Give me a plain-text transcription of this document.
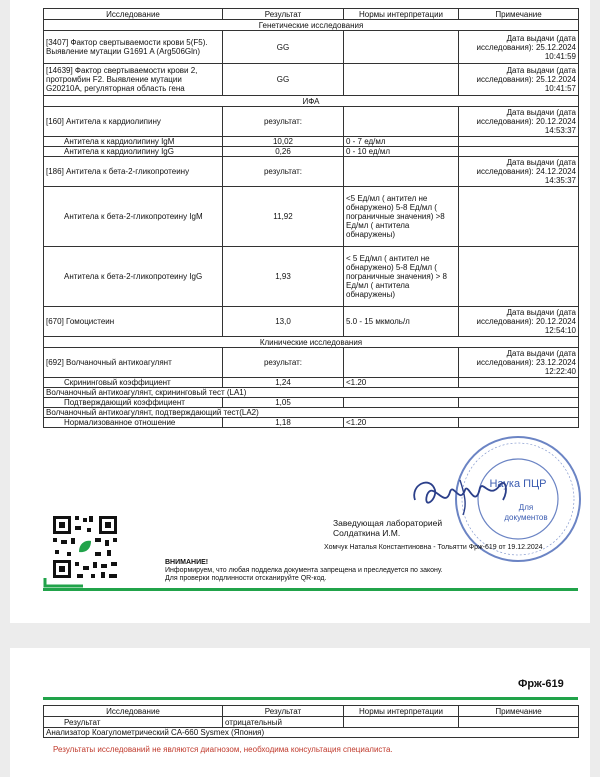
Исследование	Результат	Нормы интерпретации	Примечание
Генетические исследования			
[3407] Фактор свертываемости крови 5(F5). Выявление мутации G1691 A (Arg506Gln)	GG		Дата выдачи (дата исследования): 25.12.2024 10:41:59
[14639] Фактор свертываемости крови 2, протромбин F2. Выявление мутации G20210A, регуляторная область гена	GG		Дата выдачи (дата исследования): 25.12.2024 10:41:57
ИФА			
[160] Антитела к кардиолипину	результат:		Дата выдачи (дата исследования): 20.12.2024 14:53:37
Антитела к кардиолипину IgM	10,02	0 - 7 ед/мл	
Антитела к кардиолипину IgG	0,26	0 - 10 ед/мл	
[186] Антитела к бета-2-гликопротеину	результат:		Дата выдачи (дата исследования): 24.12.2024 14:35:37
Антитела к бета-2-гликопротеину IgM	11,92	<5 Ед/мл ( антител не обнаружено) 5-8 Ед/мл ( пограничные значения) >8 Ед/мл ( антитела обнаружены)	
Антитела к бета-2-гликопротеину IgG	1,93	< 5 Ед/мл ( антител не обнаружено) 5-8 Ед/мл ( пограничные значения) > 8 Ед/мл ( антитела обнаружены)	
[670] Гомоцистеин	13,0	5.0 - 15 мкмоль/л	Дата выдачи (дата исследования): 20.12.2024 12:54:10
Клинические исследования			
[692] Волчаночный антикоагулянт	результат:		Дата выдачи (дата исследования): 23.12.2024 12:22:40
Скрининговый коэффициент	1,24	<1.20	
Волчаночный антикоагулянт, скрининговый тест (LA1)			
Подтверждающий коэффициент	1,05		
Волчаночный антикоагулянт, подтверждающий тест(LA2)			
Нормализованное отношение	1,18	<1.20	
Наука ПЦР
Для
документов
Заведующая лабораторией
Солдаткина И.М.
Хомчук Наталья Константиновна - Тольятти Фрж-619 от 19.12.2024
ВНИМАНИЕ!
Информируем, что любая подделка документа запрещена и преследуется по закону.
Для проверки подлинности отсканируйте QR-код.
Фрж-619
Исследование	Результат	Нормы интерпретации	Примечание
Результат	отрицательный		
Анализатор Коагулометрический CA-660 Sysmex (Япония)			
Результаты исследований не являются диагнозом, необходима консультация специалиста.
